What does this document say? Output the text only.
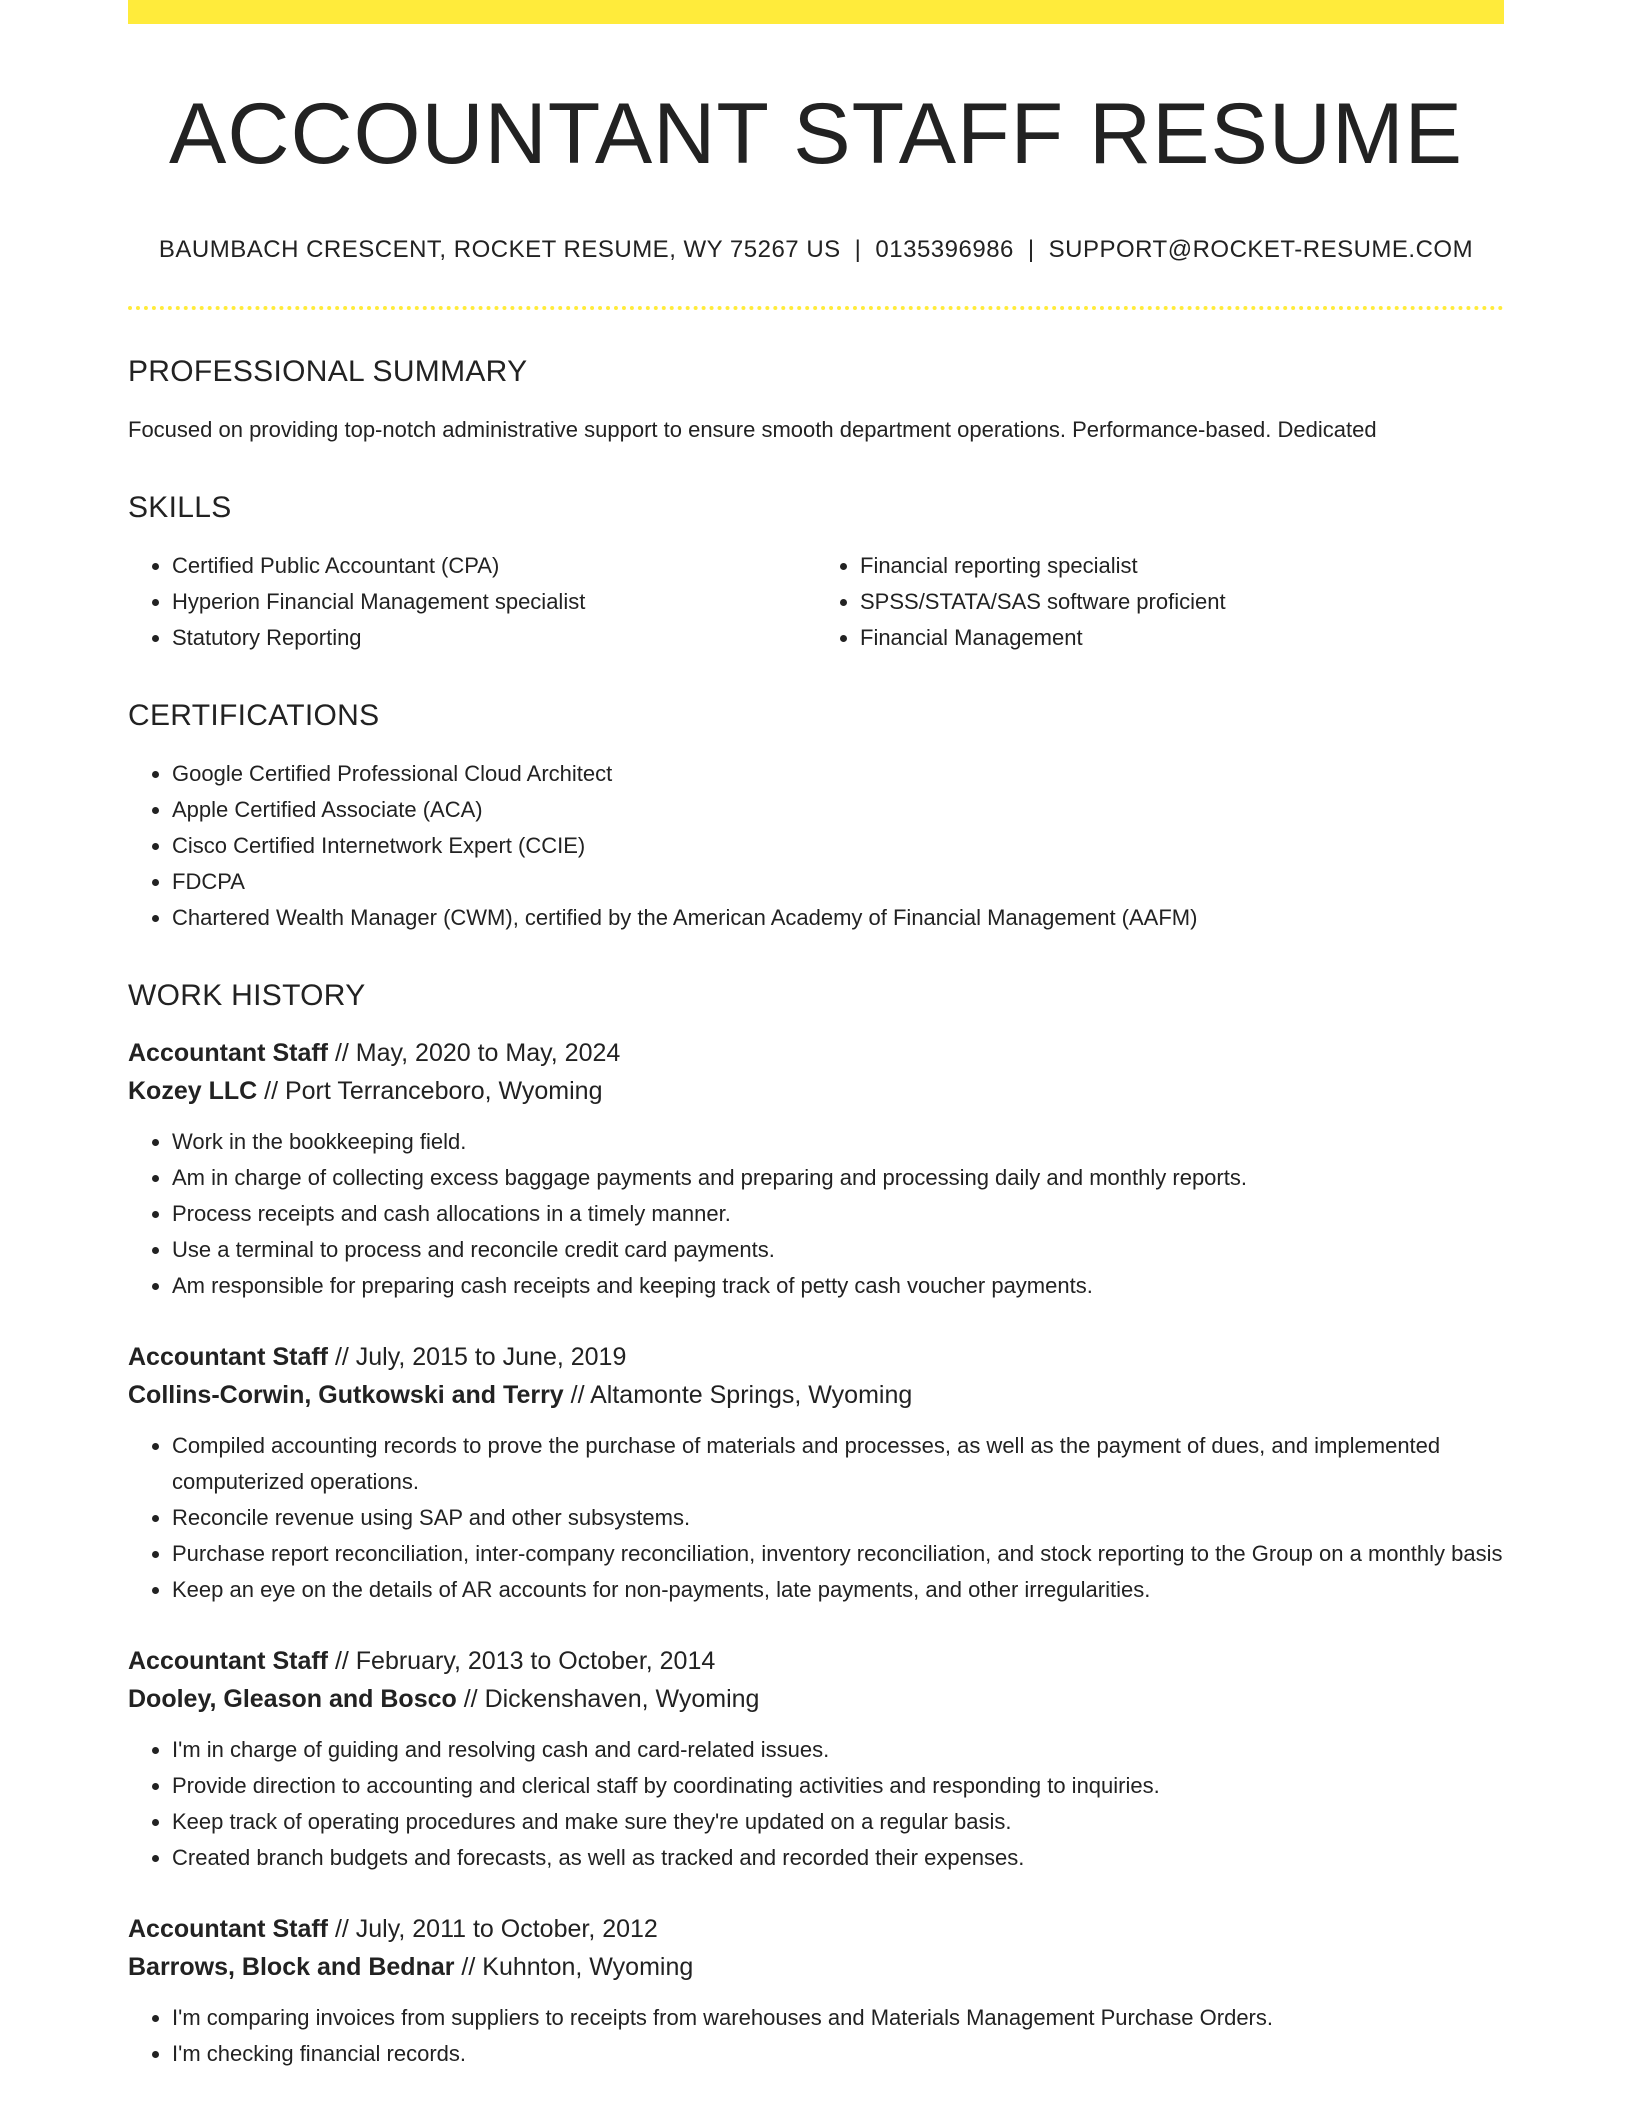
ACCOUNTANT STAFF RESUME
BAUMBACH CRESCENT, ROCKET RESUME, WY 75267 US | 0135396986 | SUPPORT@ROCKET-RESUME.COM
PROFESSIONAL SUMMARY

Focused on providing top-notch administrative support to ensure smooth department operations. Performance-based. Dedicated

SKILLS
• Certified Public Accountant (CPA)
• Hyperion Financial Management specialist
• Statutory Reporting
• Financial reporting specialist
• SPSS/STATA/SAS software proficient
• Financial Management
CERTIFICATIONS
• Google Certified Professional Cloud Architect
• Apple Certified Associate (ACA)
• Cisco Certified Internetwork Expert (CCIE)
• FDCPA
• Chartered Wealth Manager (CWM), certified by the American Academy of Financial Management (AAFM)
WORK HISTORY
Accountant Staff // May, 2020 to May, 2024
Kozey LLC // Port Terranceboro, Wyoming
• Work in the bookkeeping field.
• Am in charge of collecting excess baggage payments and preparing and processing daily and monthly reports.
• Process receipts and cash allocations in a timely manner.
• Use a terminal to process and reconcile credit card payments.
• Am responsible for preparing cash receipts and keeping track of petty cash voucher payments.
Accountant Staff // July, 2015 to June, 2019
Collins-Corwin, Gutkowski and Terry // Altamonte Springs, Wyoming
• Compiled accounting records to prove the purchase of materials and processes, as well as the payment of dues, and implemented computerized operations.
• Reconcile revenue using SAP and other subsystems.
• Purchase report reconciliation, inter-company reconciliation, inventory reconciliation, and stock reporting to the Group on a monthly basis
• Keep an eye on the details of AR accounts for non-payments, late payments, and other irregularities.
Accountant Staff // February, 2013 to October, 2014
Dooley, Gleason and Bosco // Dickenshaven, Wyoming
• I'm in charge of guiding and resolving cash and card-related issues.
• Provide direction to accounting and clerical staff by coordinating activities and responding to inquiries.
• Keep track of operating procedures and make sure they're updated on a regular basis.
• Created branch budgets and forecasts, as well as tracked and recorded their expenses.
Accountant Staff // July, 2011 to October, 2012
Barrows, Block and Bednar // Kuhnton, Wyoming
• I'm comparing invoices from suppliers to receipts from warehouses and Materials Management Purchase Orders.
• I'm checking financial records.
